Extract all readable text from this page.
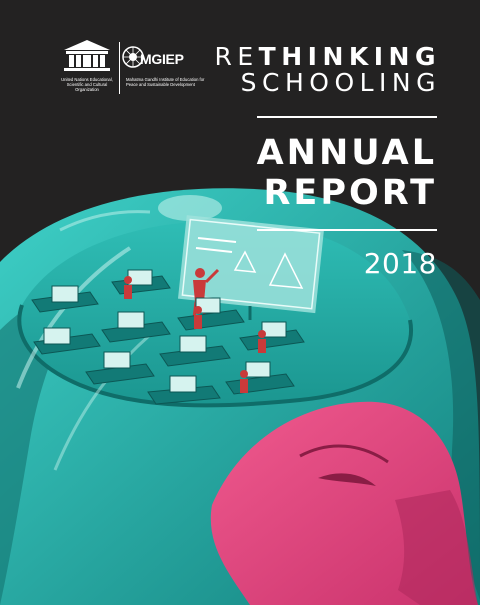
United Nations Educational, Scientific and Cultural Organization

MGIEP

Mahatma Gandhi Institute of Education for Peace and Sustainable Development

RETHINKING
SCHOOLING
ANNUAL
REPORT
2018
